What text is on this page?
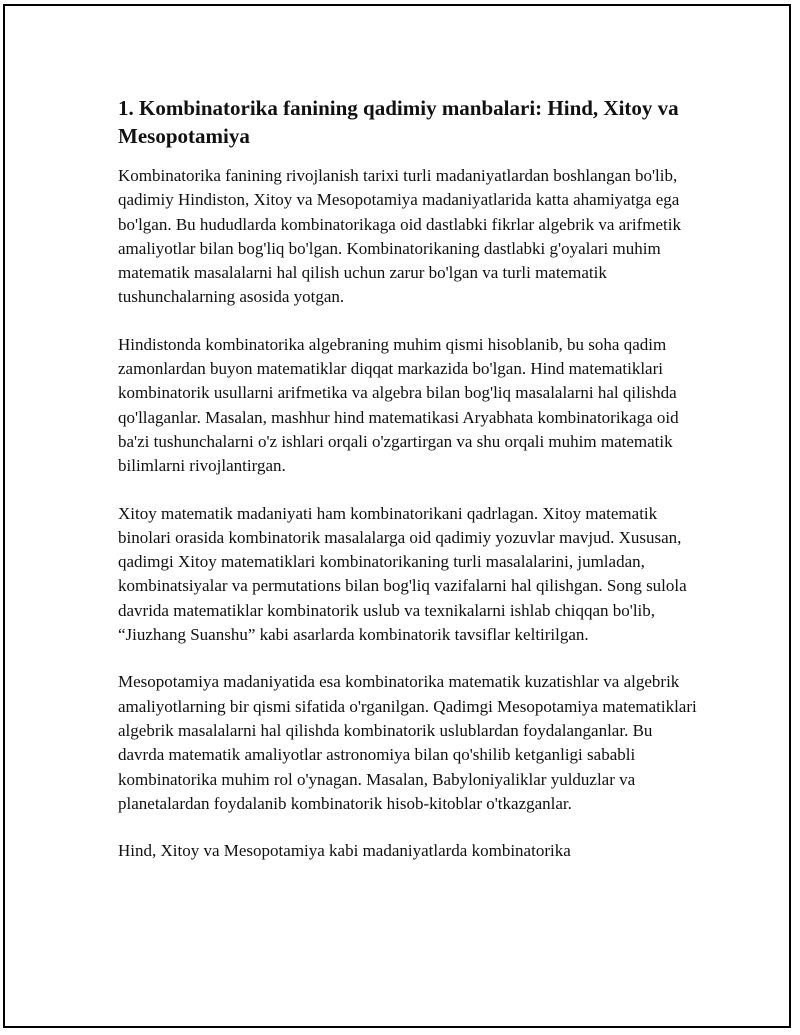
1. Kombinatorika fanining qadimiy manbalari: Hind, Xitoy va Mesopotamiya

Kombinatorika fanining rivojlanish tarixi turli madaniyatlardan boshlangan bo'lib, qadimiy Hindiston, Xitoy va Mesopotamiya madaniyatlarida katta ahamiyatga ega bo'lgan. Bu hududlarda kombinatorikaga oid dastlabki fikrlar algebrik va arifmetik amaliyotlar bilan bog'liq bo'lgan. Kombinatorikaning dastlabki g'oyalari muhim matematik masalalarni hal qilish uchun zarur bo'lgan va turli matematik tushunchalarning asosida yotgan.

Hindistonda kombinatorika algebraning muhim qismi hisoblanib, bu soha qadim zamonlardan buyon matematiklar diqqat markazida bo'lgan. Hind matematiklari kombinatorik usullarni arifmetika va algebra bilan bog'liq masalalarni hal qilishda qo'llaganlar. Masalan, mashhur hind matematikasi Aryabhata kombinatorikaga oid ba'zi tushunchalarni o'z ishlari orqali o'zgartirgan va shu orqali muhim matematik bilimlarni rivojlantirgan.

Xitoy matematik madaniyati ham kombinatorikani qadrlagan. Xitoy matematik binolari orasida kombinatorik masalalarga oid qadimiy yozuvlar mavjud. Xususan, qadimgi Xitoy matematiklari kombinatorikaning turli masalalarini, jumladan, kombinatsiyalar va permutations bilan bog'liq vazifalarni hal qilishgan. Song sulola davrida matematiklar kombinatorik uslub va texnikalarni ishlab chiqqan bo'lib, “Jiuzhang Suanshu” kabi asarlarda kombinatorik tavsiflar keltirilgan.

Mesopotamiya madaniyatida esa kombinatorika matematik kuzatishlar va algebrik amaliyotlarning bir qismi sifatida o'rganilgan. Qadimgi Mesopotamiya matematiklari algebrik masalalarni hal qilishda kombinatorik uslublardan foydalanganlar. Bu davrda matematik amaliyotlar astronomiya bilan qo'shilib ketganligi sababli kombinatorika muhim rol o'ynagan. Masalan, Babyloniyaliklar yulduzlar va planetalardan foydalanib kombinatorik hisob-kitoblar o'tkazganlar.

Hind, Xitoy va Mesopotamiya kabi madaniyatlarda kombinatorika
